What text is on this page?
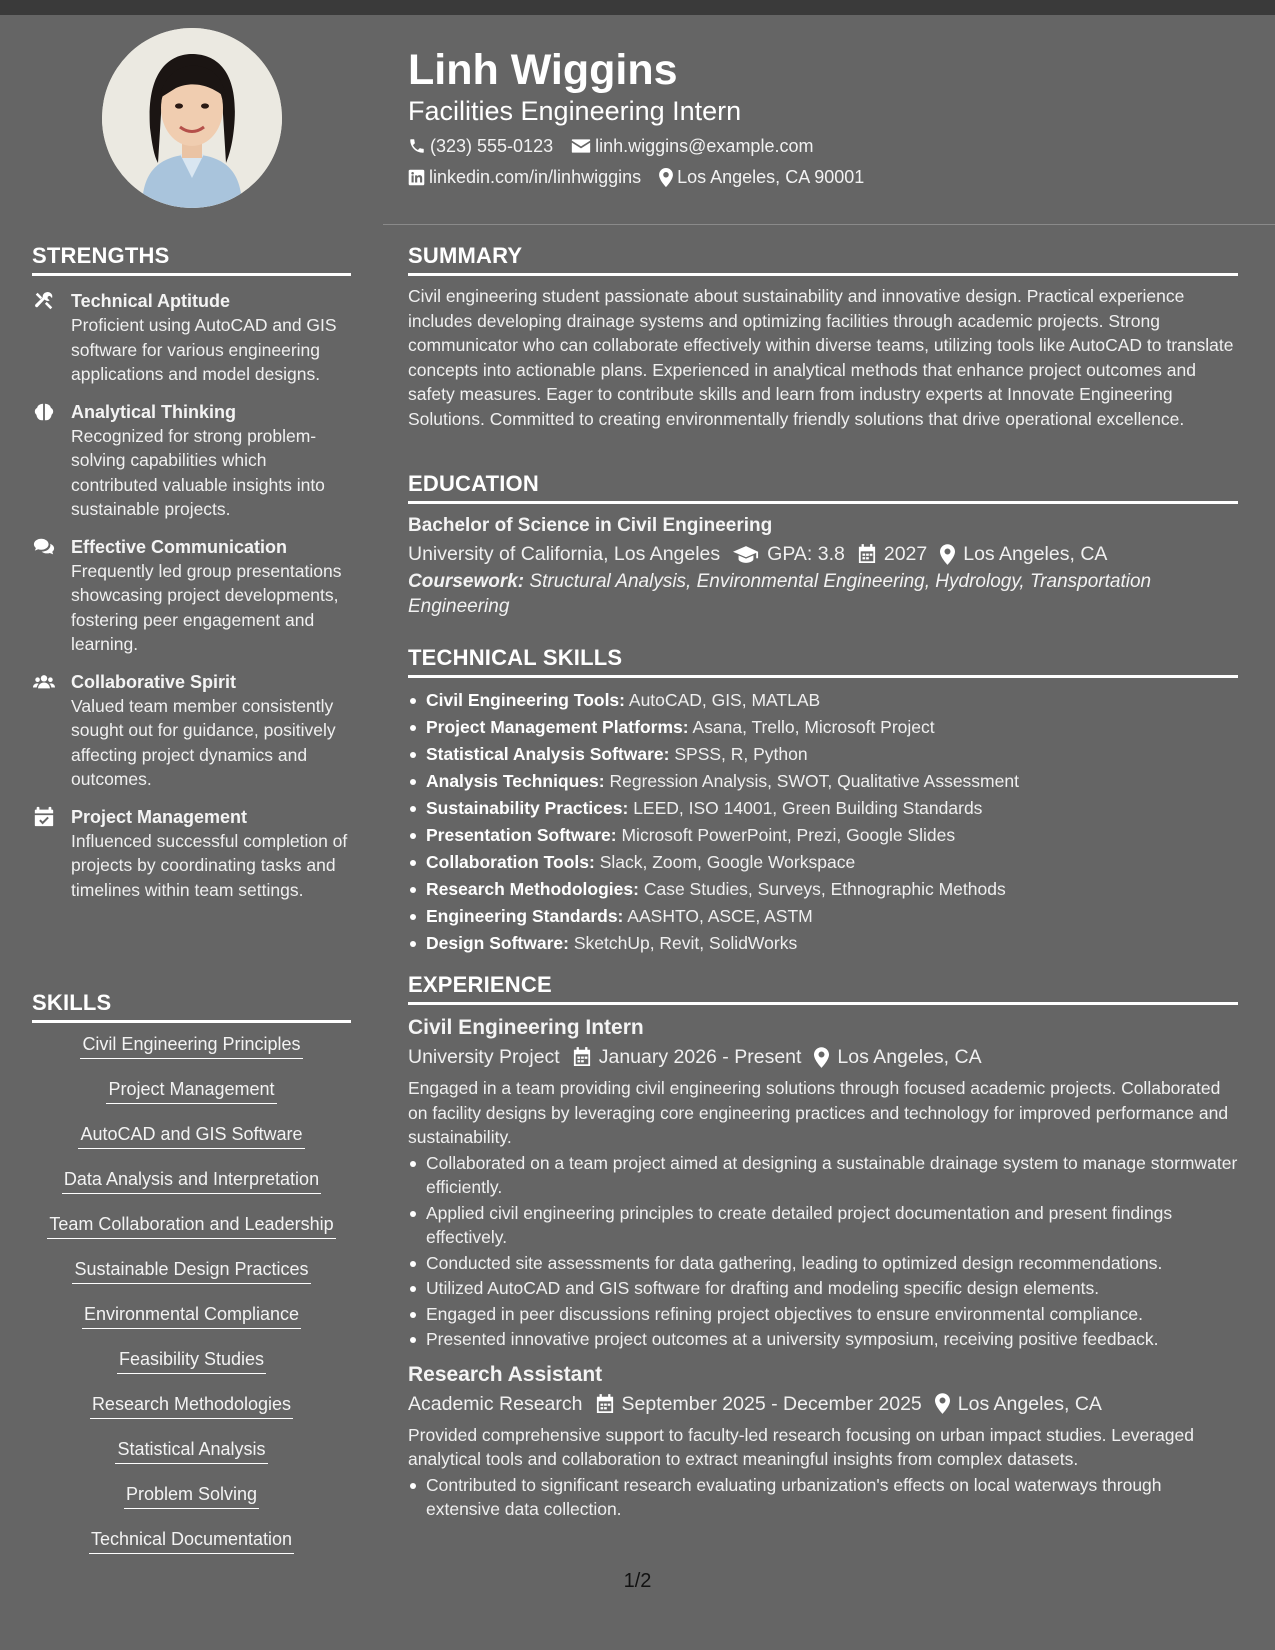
Linh Wiggins
Facilities Engineering Intern
(323) 555-0123 linh.wiggins@example.com
linkedin.com/in/linhwiggins Los Angeles, CA 90001
STRENGTHS
Technical Aptitude
Proficient using AutoCAD and GIS software for various engineering applications and model designs.
Analytical Thinking
Recognized for strong problem-solving capabilities which contributed valuable insights into sustainable projects.
Effective Communication
Frequently led group presentations showcasing project developments, fostering peer engagement and learning.
Collaborative Spirit
Valued team member consistently sought out for guidance, positively affecting project dynamics and outcomes.
Project Management
Influenced successful completion of projects by coordinating tasks and timelines within team settings.
SKILLS
Civil Engineering Principles
Project Management
AutoCAD and GIS Software
Data Analysis and Interpretation
Team Collaboration and Leadership
Sustainable Design Practices
Environmental Compliance
Feasibility Studies
Research Methodologies
Statistical Analysis
Problem Solving
Technical Documentation
SUMMARY
Civil engineering student passionate about sustainability and innovative design. Practical experience includes developing drainage systems and optimizing facilities through academic projects. Strong communicator who can collaborate effectively within diverse teams, utilizing tools like AutoCAD to translate concepts into actionable plans. Experienced in analytical methods that enhance project outcomes and safety measures. Eager to contribute skills and learn from industry experts at Innovate Engineering Solutions. Committed to creating environmentally friendly solutions that drive operational excellence.
EDUCATION
Bachelor of Science in Civil Engineering
University of California, Los Angeles GPA: 3.8 2027 Los Angeles, CA
Coursework: Structural Analysis, Environmental Engineering, Hydrology, Transportation Engineering
TECHNICAL SKILLS
Civil Engineering Tools: AutoCAD, GIS, MATLAB
Project Management Platforms: Asana, Trello, Microsoft Project
Statistical Analysis Software: SPSS, R, Python
Analysis Techniques: Regression Analysis, SWOT, Qualitative Assessment
Sustainability Practices: LEED, ISO 14001, Green Building Standards
Presentation Software: Microsoft PowerPoint, Prezi, Google Slides
Collaboration Tools: Slack, Zoom, Google Workspace
Research Methodologies: Case Studies, Surveys, Ethnographic Methods
Engineering Standards: AASHTO, ASCE, ASTM
Design Software: SketchUp, Revit, SolidWorks
EXPERIENCE
Civil Engineering Intern
University Project January 2026 - Present Los Angeles, CA
Engaged in a team providing civil engineering solutions through focused academic projects. Collaborated on facility designs by leveraging core engineering practices and technology for improved performance and sustainability.
Collaborated on a team project aimed at designing a sustainable drainage system to manage stormwater efficiently.
Applied civil engineering principles to create detailed project documentation and present findings effectively.
Conducted site assessments for data gathering, leading to optimized design recommendations.
Utilized AutoCAD and GIS software for drafting and modeling specific design elements.
Engaged in peer discussions refining project objectives to ensure environmental compliance.
Presented innovative project outcomes at a university symposium, receiving positive feedback.
Research Assistant
Academic Research September 2025 - December 2025 Los Angeles, CA
Provided comprehensive support to faculty-led research focusing on urban impact studies. Leveraged analytical tools and collaboration to extract meaningful insights from complex datasets.
Contributed to significant research evaluating urbanization's effects on local waterways through extensive data collection.
1/2
